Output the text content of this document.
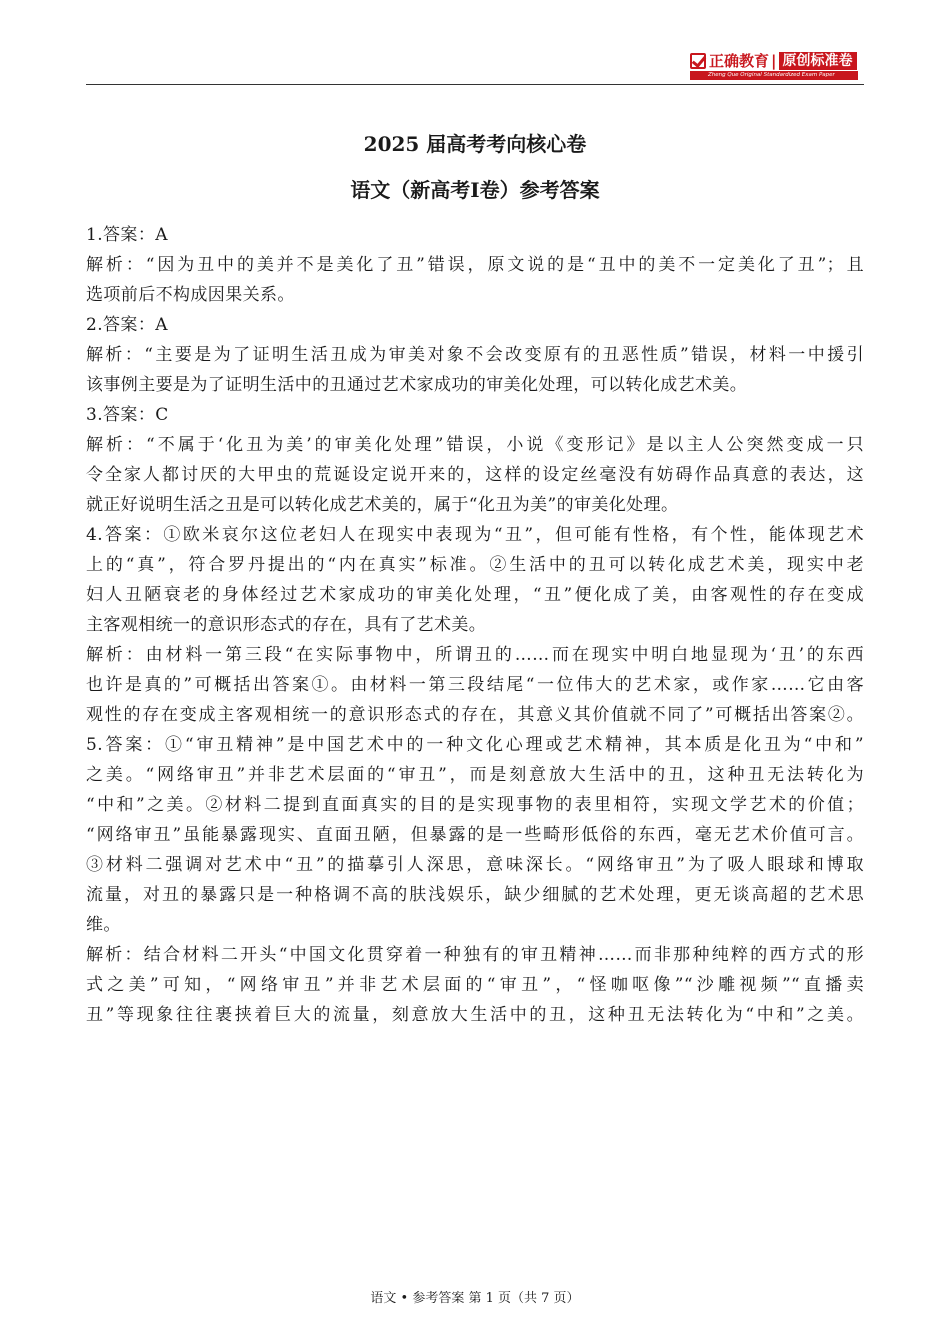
正确教育 | 原创标准卷
Zheng Que Original Standardized Exam Paper
2025 届高考考向核心卷
语文（新高考Ⅰ卷）参考答案
1.答案：A
解析：“因为丑中的美并不是美化了丑”错误，原文说的是“丑中的美不一定美化了丑”；且
选项前后不构成因果关系。
2.答案：A
解析：“主要是为了证明生活丑成为审美对象不会改变原有的丑恶性质”错误，材料一中援引
该事例主要是为了证明生活中的丑通过艺术家成功的审美化处理，可以转化成艺术美。
3.答案：C
解析：“不属于‘化丑为美’的审美化处理”错误，小说《变形记》是以主人公突然变成一只
令全家人都讨厌的大甲虫的荒诞设定说开来的，这样的设定丝毫没有妨碍作品真意的表达，这
就正好说明生活之丑是可以转化成艺术美的，属于“化丑为美”的审美化处理。
4.答案：①欧米哀尔这位老妇人在现实中表现为“丑”，但可能有性格，有个性，能体现艺术
上的“真”，符合罗丹提出的“内在真实”标准。②生活中的丑可以转化成艺术美，现实中老
妇人丑陋衰老的身体经过艺术家成功的审美化处理，“丑”便化成了美，由客观性的存在变成
主客观相统一的意识形态式的存在，具有了艺术美。
解析：由材料一第三段“在实际事物中，所谓丑的……而在现实中明白地显现为‘丑’的东西
也许是真的”可概括出答案①。由材料一第三段结尾“一位伟大的艺术家，或作家……它由客
观性的存在变成主客观相统一的意识形态式的存在，其意义其价值就不同了”可概括出答案②。
5.答案：①“审丑精神”是中国艺术中的一种文化心理或艺术精神，其本质是化丑为“中和”
之美。“网络审丑”并非艺术层面的“审丑”，而是刻意放大生活中的丑，这种丑无法转化为
“中和”之美。②材料二提到直面真实的目的是实现事物的表里相符，实现文学艺术的价值；
“网络审丑”虽能暴露现实、直面丑陋，但暴露的是一些畸形低俗的东西，毫无艺术价值可言。
③材料二强调对艺术中“丑”的描摹引人深思，意味深长。“网络审丑”为了吸人眼球和博取
流量，对丑的暴露只是一种格调不高的肤浅娱乐，缺少细腻的艺术处理，更无谈高超的艺术思
维。
解析：结合材料二开头“中国文化贯穿着一种独有的审丑精神……而非那种纯粹的西方式的形
式之美”可知，“网络审丑”并非艺术层面的“审丑”，“怪咖呕像”“沙雕视频”“直播卖
丑”等现象往往裹挟着巨大的流量，刻意放大生活中的丑，这种丑无法转化为“中和”之美。
语文 • 参考答案 第 1 页（共 7 页）
